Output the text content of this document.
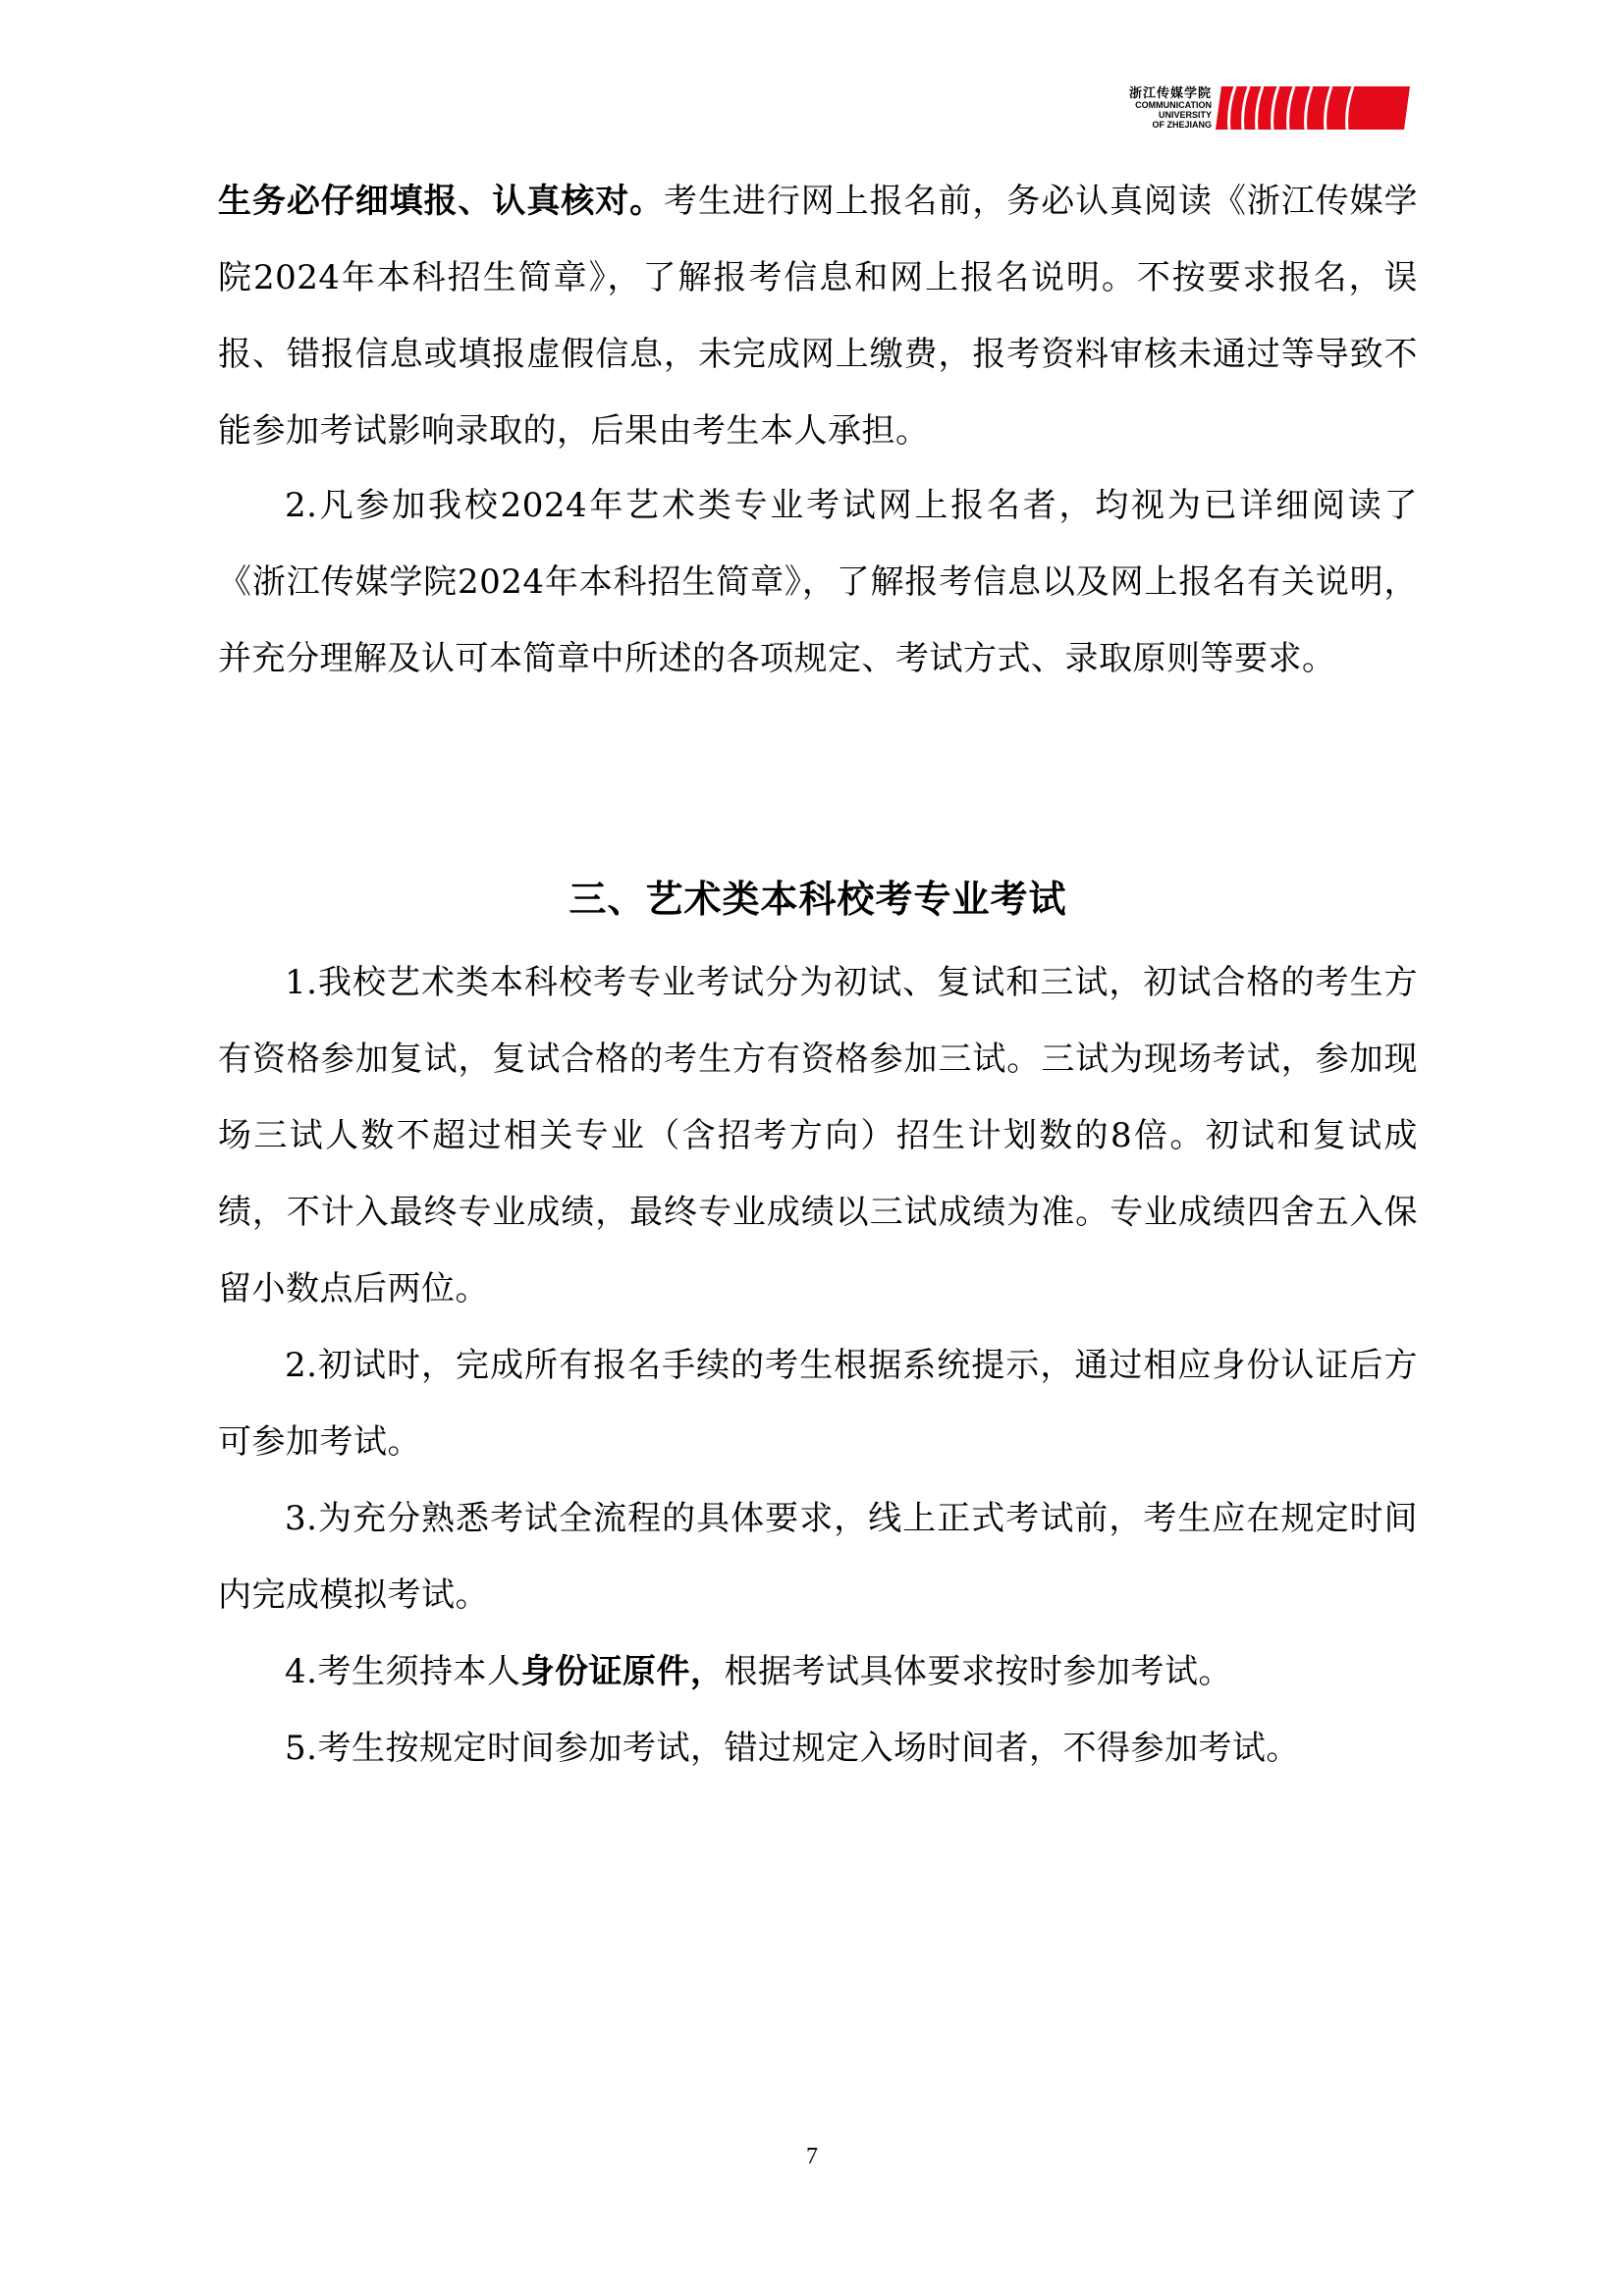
浙江传媒学院
COMMUNICATION
UNIVERSITY
OF ZHEJIANG

生务必仔细填报、认真核对。考生进行网上报名前，务必认真阅读《浙江传媒学院2024年本科招生简章》，了解报考信息和网上报名说明。不按要求报名，误报、错报信息或填报虚假信息，未完成网上缴费，报考资料审核未通过等导致不能参加考试影响录取的，后果由考生本人承担。

2.凡参加我校2024年艺术类专业考试网上报名者，均视为已详细阅读了《浙江传媒学院2024年本科招生简章》，了解报考信息以及网上报名有关说明，并充分理解及认可本简章中所述的各项规定、考试方式、录取原则等要求。

三、艺术类本科校考专业考试

1.我校艺术类本科校考专业考试分为初试、复试和三试，初试合格的考生方有资格参加复试，复试合格的考生方有资格参加三试。三试为现场考试，参加现场三试人数不超过相关专业（含招考方向）招生计划数的8倍。初试和复试成绩，不计入最终专业成绩，最终专业成绩以三试成绩为准。专业成绩四舍五入保留小数点后两位。

2.初试时，完成所有报名手续的考生根据系统提示，通过相应身份认证后方可参加考试。

3.为充分熟悉考试全流程的具体要求，线上正式考试前，考生应在规定时间内完成模拟考试。

4.考生须持本人身份证原件，根据考试具体要求按时参加考试。

5.考生按规定时间参加考试，错过规定入场时间者，不得参加考试。

7
